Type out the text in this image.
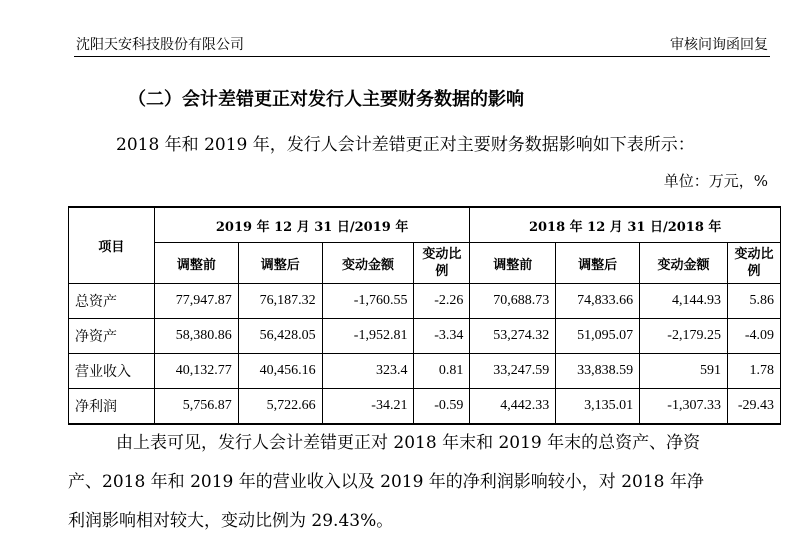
沈阳天安科技股份有限公司	审核问询函回复
（二）会计差错更正对发行人主要财务数据的影响
2018 年和 2019 年，发行人会计差错更正对主要财务数据影响如下表所示：
单位：万元，%
项目	2019 年 12 月 31 日/2019 年				2018 年 12 月 31 日/2018 年			
	调整前	调整后	变动金额	变动比例	调整前	调整后	变动金额	变动比例
总资产	77,947.87	76,187.32	-1,760.55	-2.26	70,688.73	74,833.66	4,144.93	5.86
净资产	58,380.86	56,428.05	-1,952.81	-3.34	53,274.32	51,095.07	-2,179.25	-4.09
营业收入	40,132.77	40,456.16	323.4	0.81	33,247.59	33,838.59	591	1.78
净利润	5,756.87	5,722.66	-34.21	-0.59	4,442.33	3,135.01	-1,307.33	-29.43
由上表可见，发行人会计差错更正对 2018 年末和 2019 年末的总资产、净资
产、2018 年和 2019 年的营业收入以及 2019 年的净利润影响较小，对 2018 年净
利润影响相对较大，变动比例为 29.43%。
